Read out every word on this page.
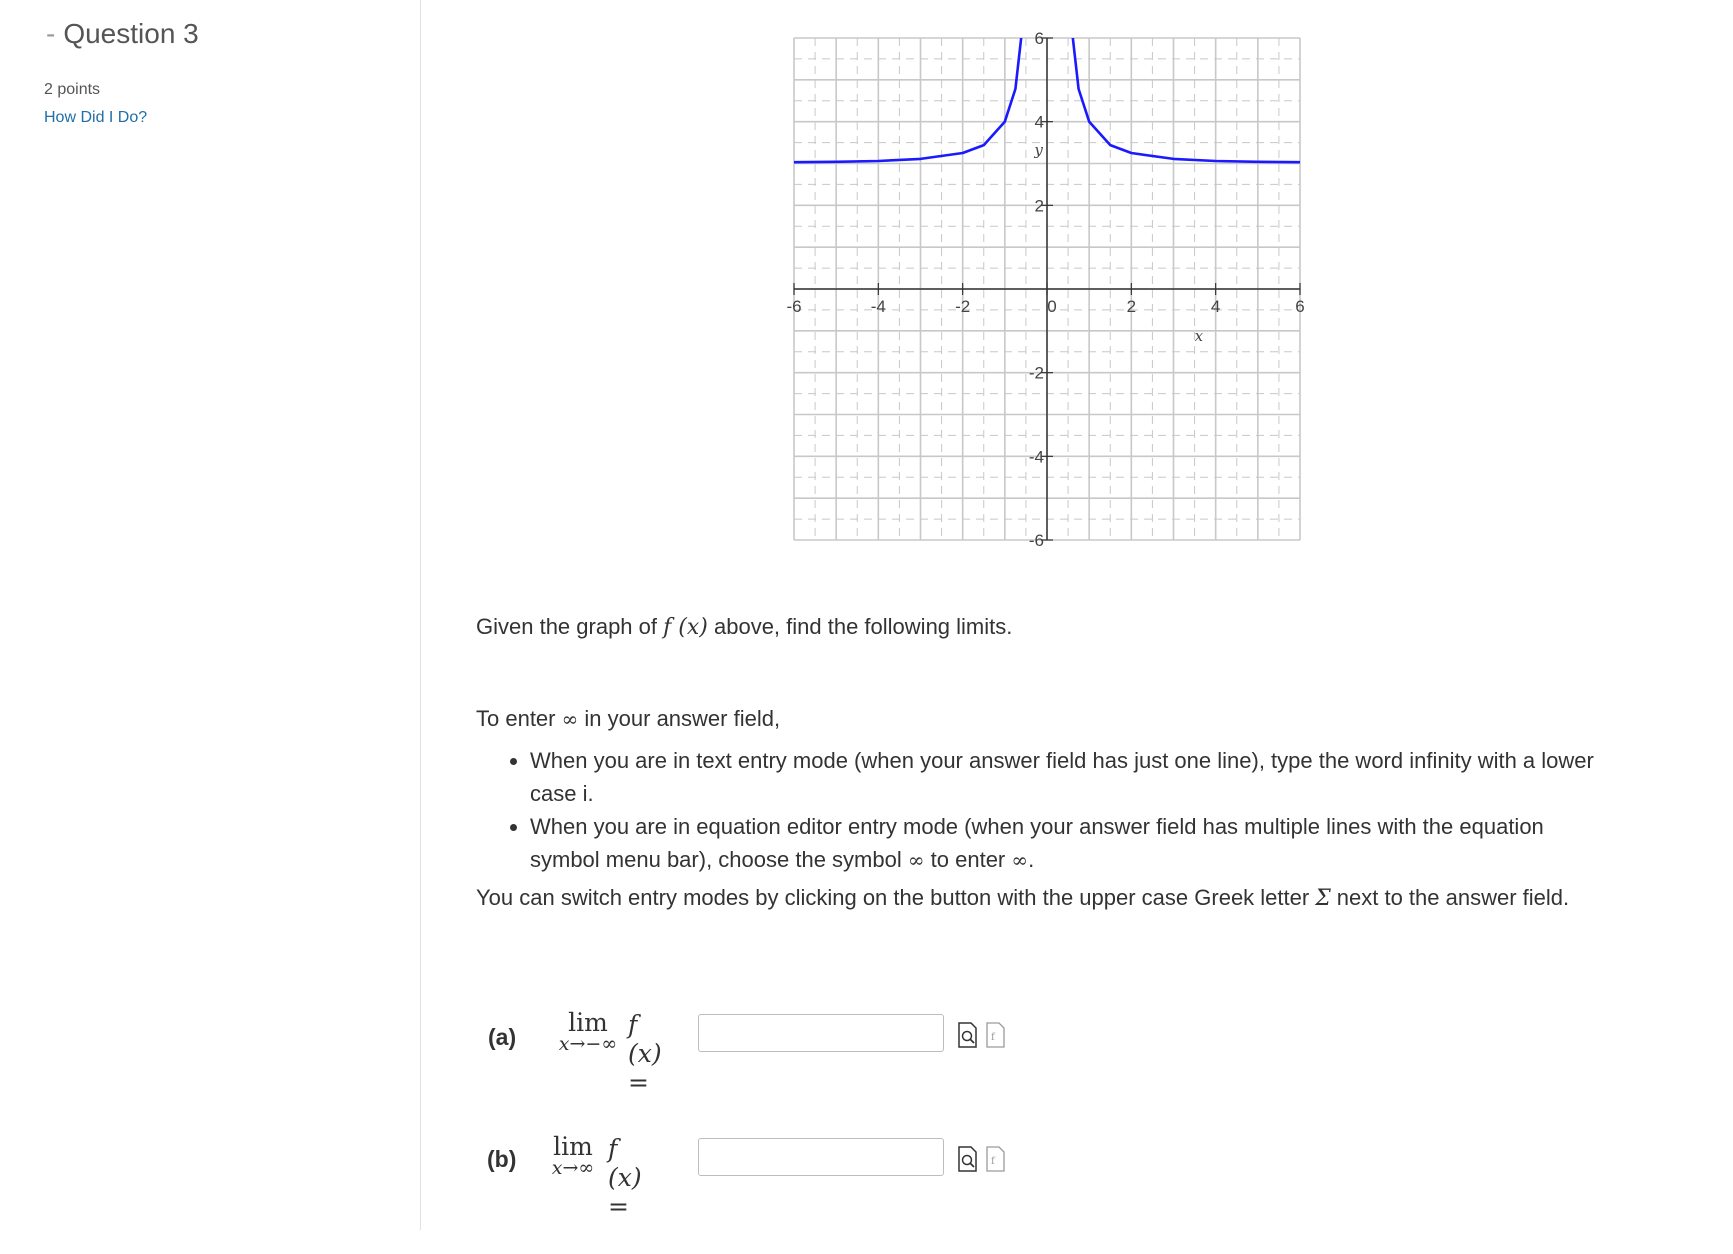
- Question 3
2 points
How Did I Do?
-6	-4	-2	0	2	4	6
6
4
2
-2
-4
-6
x
y
Given the graph of f (x) above, find the following limits.

To enter ∞ in your answer field,

• When you are in text entry mode (when your answer field has just one line), type the word infinity with a lower case i.
• When you are in equation editor entry mode (when your answer field has multiple lines with the equation symbol menu bar), choose the symbol ∞ to enter ∞.

You can switch entry modes by clicking on the button with the upper case Greek letter Σ next to the answer field.

(a)	lim
x→−∞
f (x) =
f
(b)	lim
x→∞
f (x) =
f
